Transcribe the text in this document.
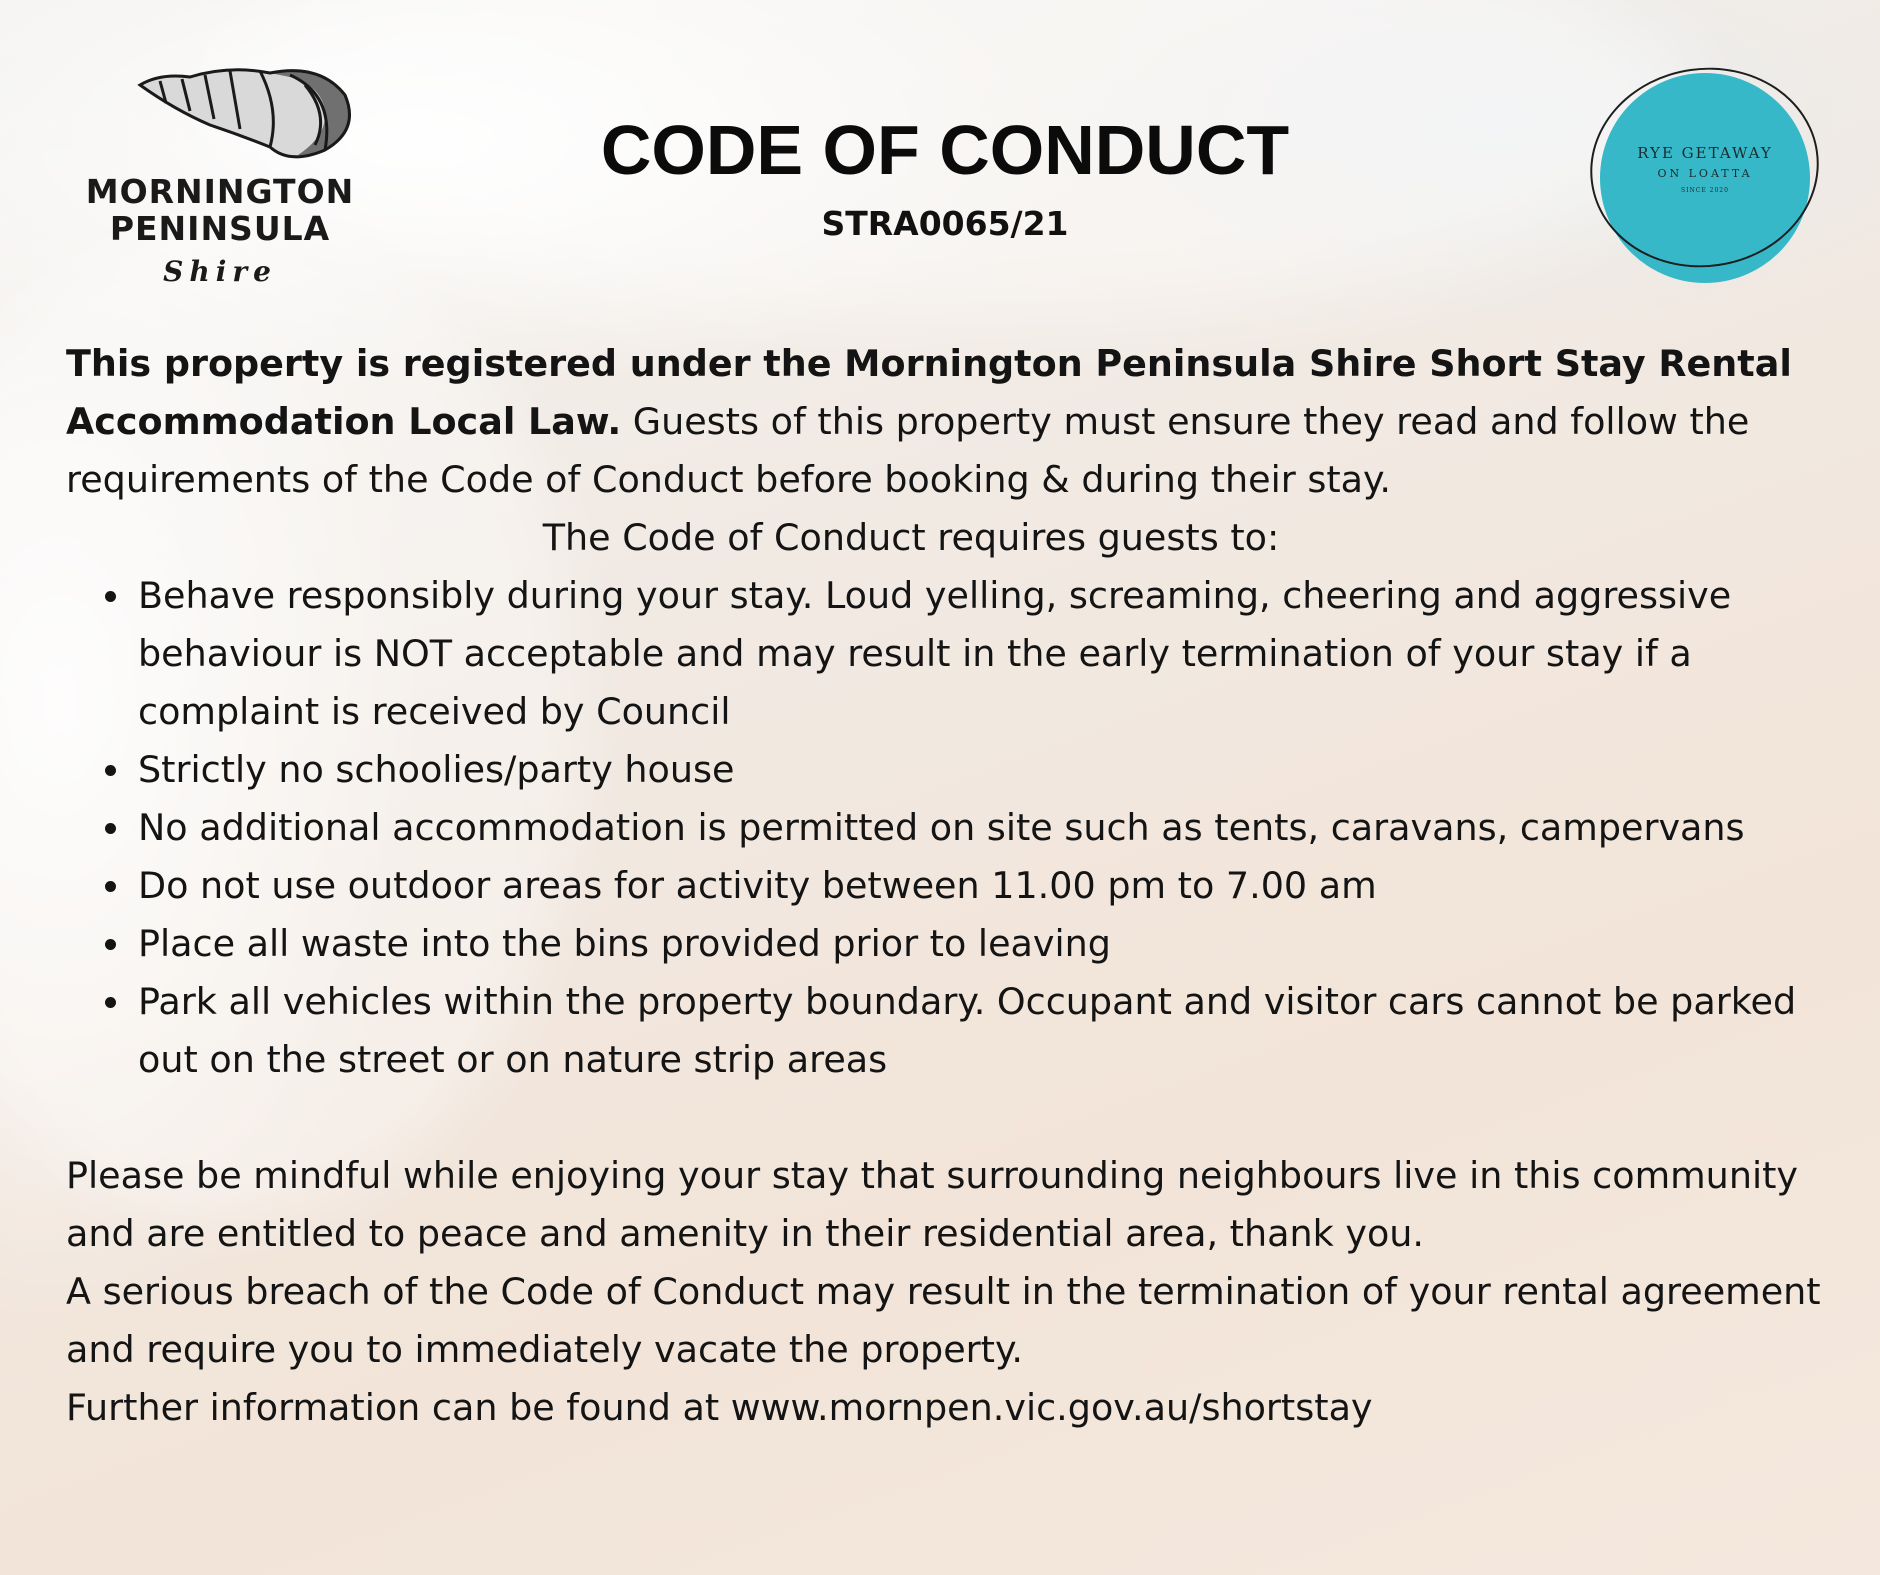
MORNINGTON
PENINSULA
Shire
CODE OF CONDUCT
STRA0065/21
RYE GETAWAY
ON LOATTA
SINCE 2020

This property is registered under the Mornington Peninsula Shire Short Stay Rental Accommodation Local Law. Guests of this property must ensure they read and follow the requirements of the Code of Conduct before booking & during their stay.

The Code of Conduct requires guests to:

Behave responsibly during your stay. Loud yelling, screaming, cheering and aggressive behaviour is NOT acceptable and may result in the early termination of your stay if a complaint is received by Council
Strictly no schoolies/party house
No additional accommodation is permitted on site such as tents, caravans, campervans
Do not use outdoor areas for activity between 11.00 pm to 7.00 am
Place all waste into the bins provided prior to leaving
Park all vehicles within the property boundary. Occupant and visitor cars cannot be parked out on the street or on nature strip areas

Please be mindful while enjoying your stay that surrounding neighbours live in this community and are entitled to peace and amenity in their residential area, thank you.

A serious breach of the Code of Conduct may result in the termination of your rental agreement and require you to immediately vacate the property.

Further information can be found at www.mornpen.vic.gov.au/shortstay
